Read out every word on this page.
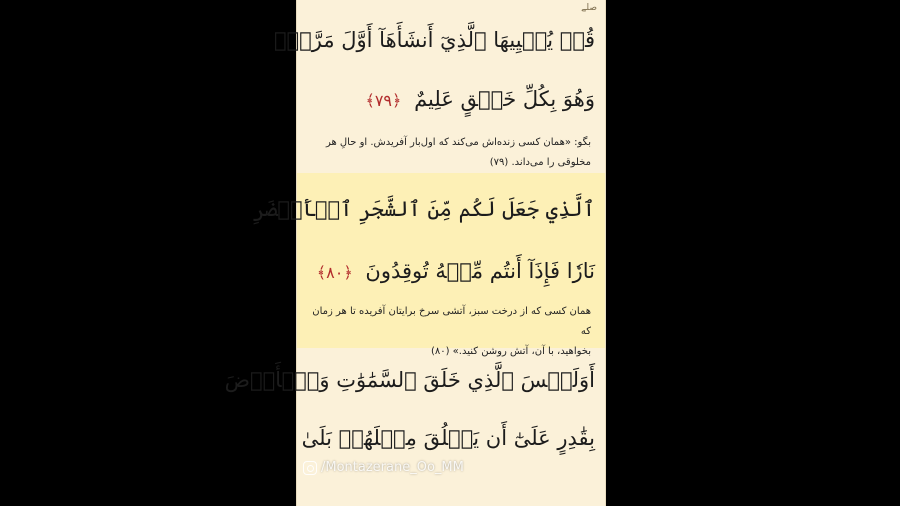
صلے
قُلۡ يُحۡيِيهَا ٱلَّذِيٓ أَنشَأَهَآ أَوَّلَ مَرَّةٖۖ
وَهُوَ بِكُلِّ خَلۡقٍ عَلِيمٌ ﴿٧٩﴾
بگو: «همان کسی زنده‌اش می‌کند که اول‌بار آفریدش. او حال‌ِ هر
مخلوقی را می‌داند. (۷۹)
ٱلَّذِي جَعَلَ لَكُم مِّنَ ٱلشَّجَرِ ٱلۡأَخۡضَرِ
نَارٗا فَإِذَآ أَنتُم مِّنۡهُ تُوقِدُونَ ﴿٨٠﴾
همان کسی که از درخت سبز، آتشی سرخ برایتان آفریده تا هر زمان که
بخواهید، با آن، آتش روشن کنید.» (۸۰)
أَوَلَيۡسَ ٱلَّذِي خَلَقَ ٱلسَّمَٰوَٰتِ وَٱلۡأَرۡضَ
بِقَٰدِرٍ عَلَىٰٓ أَن يَخۡلُقَ مِثۡلَهُمۚ بَلَىٰ
/Montazerane_Oo_MM
